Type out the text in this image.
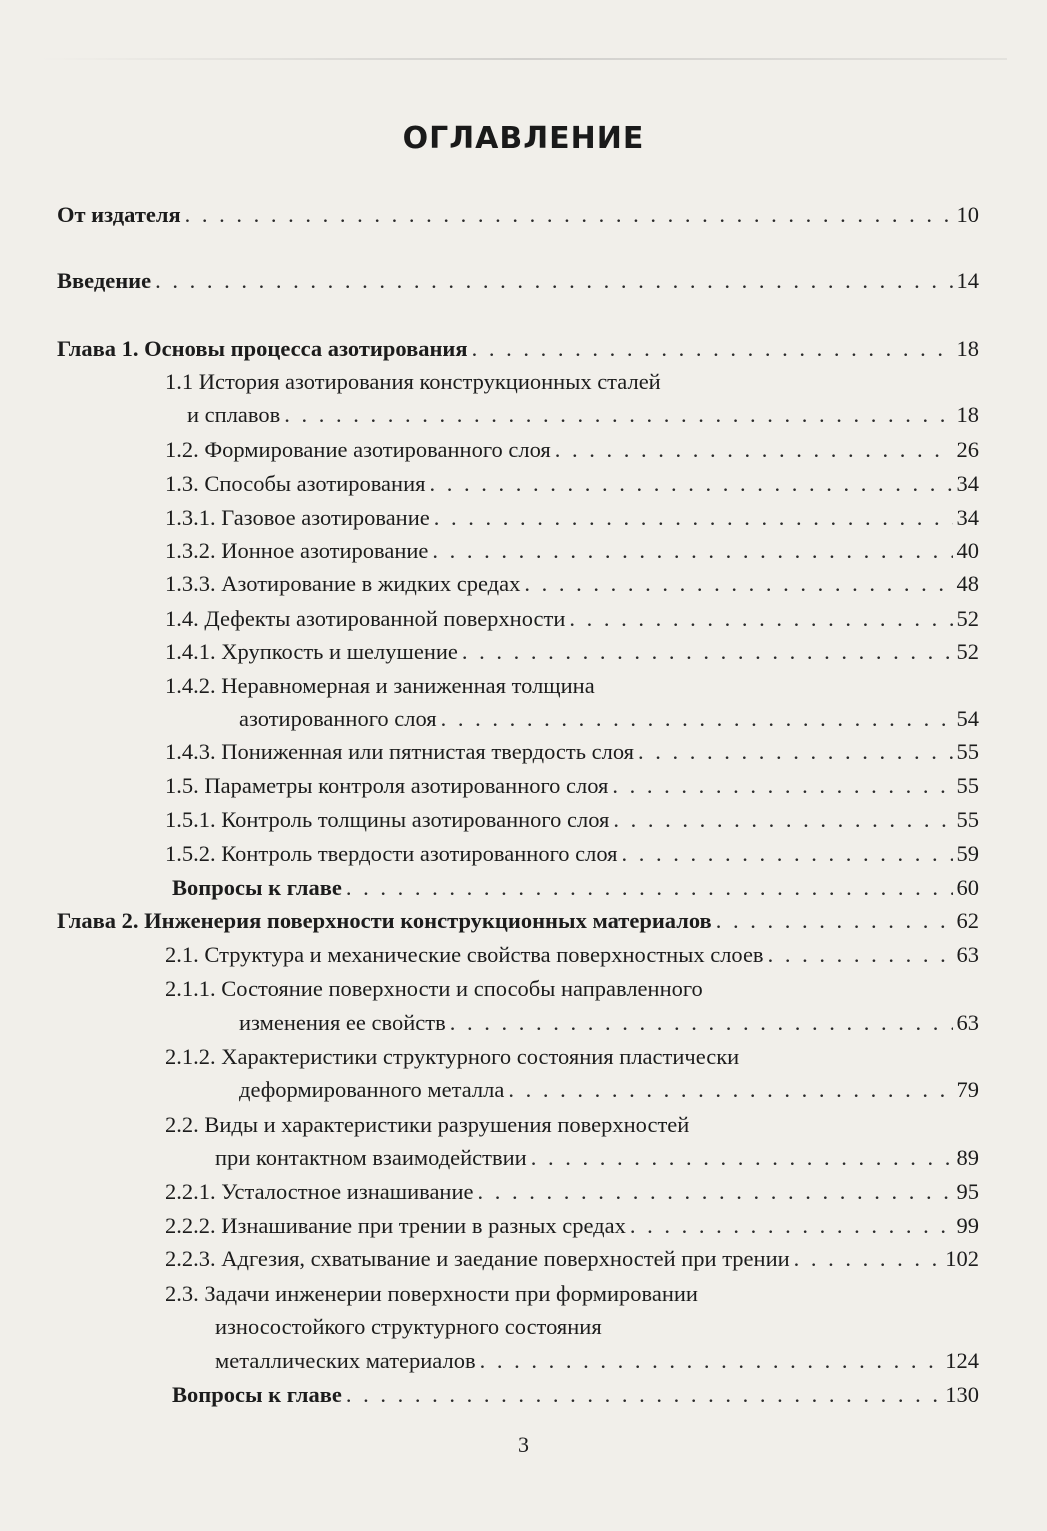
ОГЛАВЛЕНИЕ
От издателя . . .	10
Введение . . .	14
Глава 1. Основы процесса азотирования . . .	18
1.1 История азотирования конструкционных сталей
и сплавов . . .	18
1.2. Формирование азотированного слоя . . .	26
1.3. Способы азотирования . . .	34
1.3.1. Газовое азотирование . . .	34
1.3.2. Ионное азотирование . . .	40
1.3.3. Азотирование в жидких средах . . .	48
1.4. Дефекты азотированной поверхности . . .	52
1.4.1. Хрупкость и шелушение . . .	52
1.4.2. Неравномерная и заниженная толщина
азотированного слоя . . .	54
1.4.3. Пониженная или пятнистая твердость слоя . . .	55
1.5. Параметры контроля азотированного слоя . . .	55
1.5.1. Контроль толщины азотированного слоя . . .	55
1.5.2. Контроль твердости азотированного слоя . . .	59
Вопросы к главе . . .	60
Глава 2. Инженерия поверхности конструкционных материалов . . .	62
2.1. Структура и механические свойства поверхностных слоев . . .	63
2.1.1. Состояние поверхности и способы направленного
изменения ее свойств . . .	63
2.1.2. Характеристики структурного состояния пластически
деформированного металла . . .	79
2.2. Виды и характеристики разрушения поверхностей
при контактном взаимодействии . . .	89
2.2.1. Усталостное изнашивание . . .	95
2.2.2. Изнашивание при трении в разных средах . . .	99
2.2.3. Адгезия, схватывание и заедание поверхностей при трении . . .	102
2.3. Задачи инженерии поверхности при формировании
износостойкого структурного состояния
металлических материалов . . .	124
Вопросы к главе . . .	130
3
